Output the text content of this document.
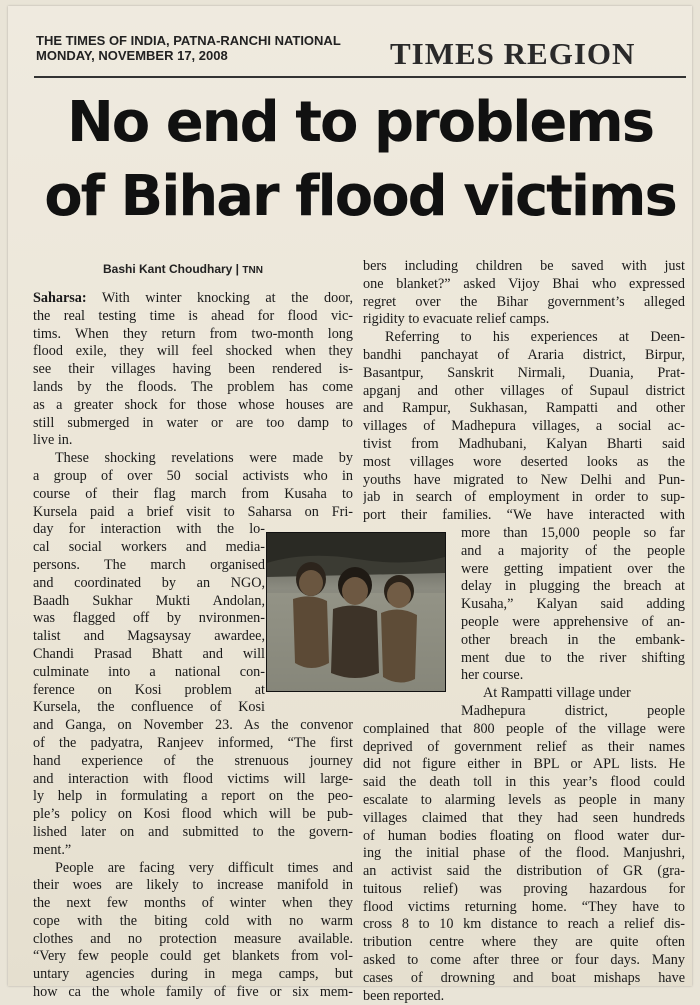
THE TIMES OF INDIA, PATNA-RANCHI NATIONAL
MONDAY, NOVEMBER 17, 2008	TIMES REGION
No end to problems
of Bihar flood victims
Bashi Kant Choudhary | TNN
Saharsa: With winter knocking at the door,
the real testing time is ahead for flood vic-
tims. When they return from two-month long
flood exile, they will feel shocked when they
see their villages having been rendered is-
lands by the floods. The problem has come
as a greater shock for those whose houses are
still submerged in water or are too damp to
live in.
These shocking revelations were made by
a group of over 50 social activists who in
course of their flag march from Kusaha to
Kursela paid a brief visit to Saharsa on Fri-
day for interaction with the lo-
cal social workers and media-
persons. The march organised
and coordinated by an NGO,
Baadh Sukhar Mukti Andolan,
was flagged off by nvironmen-
talist and Magsaysay awardee,
Chandi Prasad Bhatt and will
culminate into a national con-
ference on Kosi problem at
Kursela, the confluence of Kosi
and Ganga, on November 23. As the convenor
of the padyatra, Ranjeev informed, “The first
hand experience of the strenuous journey
and interaction with flood victims will large-
ly help in formulating a report on the peo-
ple’s policy on Kosi flood which will be pub-
lished later on and submitted to the govern-
ment.”
People are facing very difficult times and
their woes are likely to increase manifold in
the next few months of winter when they
cope with the biting cold with no warm
clothes and no protection measure available.
“Very few people could get blankets from vol-
untary agencies during in mega camps, but
how ca the whole family of five or six mem-
bers including children be saved with just
one blanket?” asked Vijoy Bhai who expressed
regret over the Bihar government’s alleged
rigidity to evacuate relief camps.
Referring to his experiences at Deen-
bandhi panchayat of Araria district, Birpur,
Basantpur, Sanskrit Nirmali, Duania, Prat-
apganj and other villages of Supaul district
and Rampur, Sukhasan, Rampatti and other
villages of Madhepura villages, a social ac-
tivist from Madhubani, Kalyan Bharti said
most villages wore deserted looks as the
youths have migrated to New Delhi and Pun-
jab in search of employment in order to sup-
port their families. “We have interacted with
more than 15,000 people so far
and a majority of the people
were getting impatient over the
delay in plugging the breach at
Kusaha,” Kalyan said adding
people were apprehensive of an-
other breach in the embank-
ment due to the river shifting
her course.
At Rampatti village under
Madhepura district, people
complained that 800 people of the village were
deprived of government relief as their names
did not figure either in BPL or APL lists. He
said the death toll in this year’s flood could
escalate to alarming levels as people in many
villages claimed that they had seen hundreds
of human bodies floating on flood water dur-
ing the initial phase of the flood. Manjushri,
an activist said the distribution of GR (gra-
tuitous relief) was proving hazardous for
flood victims returning home. “They have to
cross 8 to 10 km distance to reach a relief dis-
tribution centre where they are quite often
asked to come after three or four days. Many
cases of drowning and boat mishaps have
been reported.
